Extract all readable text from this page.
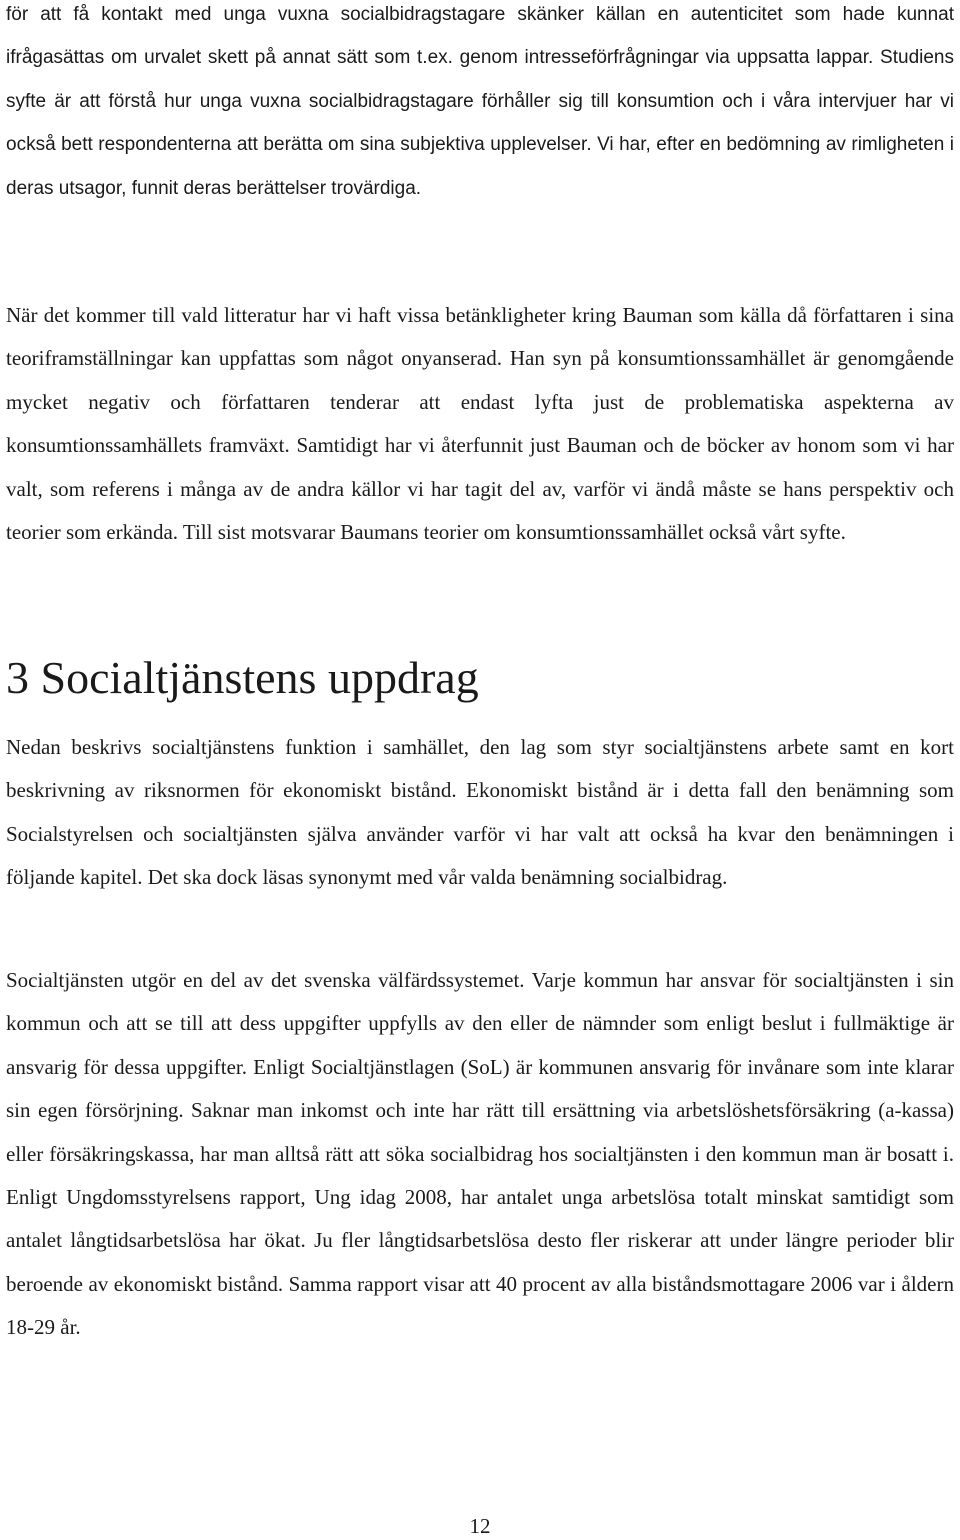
för att få kontakt med unga vuxna socialbidragstagare skänker källan en autenticitet som hade kunnat ifrågasättas om urvalet skett på annat sätt som t.ex. genom intresseförfrågningar via uppsatta lappar. Studiens syfte är att förstå hur unga vuxna socialbidragstagare förhåller sig till konsumtion och i våra intervjuer har vi också bett respondenterna att berätta om sina subjektiva upplevelser. Vi har, efter en bedömning av rimligheten i deras utsagor, funnit deras berättelser trovärdiga.

När det kommer till vald litteratur har vi haft vissa betänkligheter kring Bauman som källa då författaren i sina teoriframställningar kan uppfattas som något onyanserad. Han syn på konsumtionssamhället är genomgående mycket negativ och författaren tenderar att endast lyfta just de problematiska aspekterna av konsumtionssamhällets framväxt. Samtidigt har vi återfunnit just Bauman och de böcker av honom som vi har valt, som referens i många av de andra källor vi har tagit del av, varför vi ändå måste se hans perspektiv och teorier som erkända. Till sist motsvarar Baumans teorier om konsumtionssamhället också vårt syfte.

3 Socialtjänstens uppdrag

Nedan beskrivs socialtjänstens funktion i samhället, den lag som styr socialtjänstens arbete samt en kort beskrivning av riksnormen för ekonomiskt bistånd. Ekonomiskt bistånd är i detta fall den benämning som Socialstyrelsen och socialtjänsten själva använder varför vi har valt att också ha kvar den benämningen i följande kapitel. Det ska dock läsas synonymt med vår valda benämning socialbidrag.

Socialtjänsten utgör en del av det svenska välfärdssystemet. Varje kommun har ansvar för socialtjänsten i sin kommun och att se till att dess uppgifter uppfylls av den eller de nämnder som enligt beslut i fullmäktige är ansvarig för dessa uppgifter. Enligt Socialtjänstlagen (SoL) är kommunen ansvarig för invånare som inte klarar sin egen försörjning. Saknar man inkomst och inte har rätt till ersättning via arbetslöshetsförsäkring (a-kassa) eller försäkringskassa, har man alltså rätt att söka socialbidrag hos socialtjänsten i den kommun man är bosatt i. Enligt Ungdomsstyrelsens rapport, Ung idag 2008, har antalet unga arbetslösa totalt minskat samtidigt som antalet långtidsarbetslösa har ökat. Ju fler långtidsarbetslösa desto fler riskerar att under längre perioder blir beroende av ekonomiskt bistånd. Samma rapport visar att 40 procent av alla biståndsmottagare 2006 var i åldern 18-29 år.

12
